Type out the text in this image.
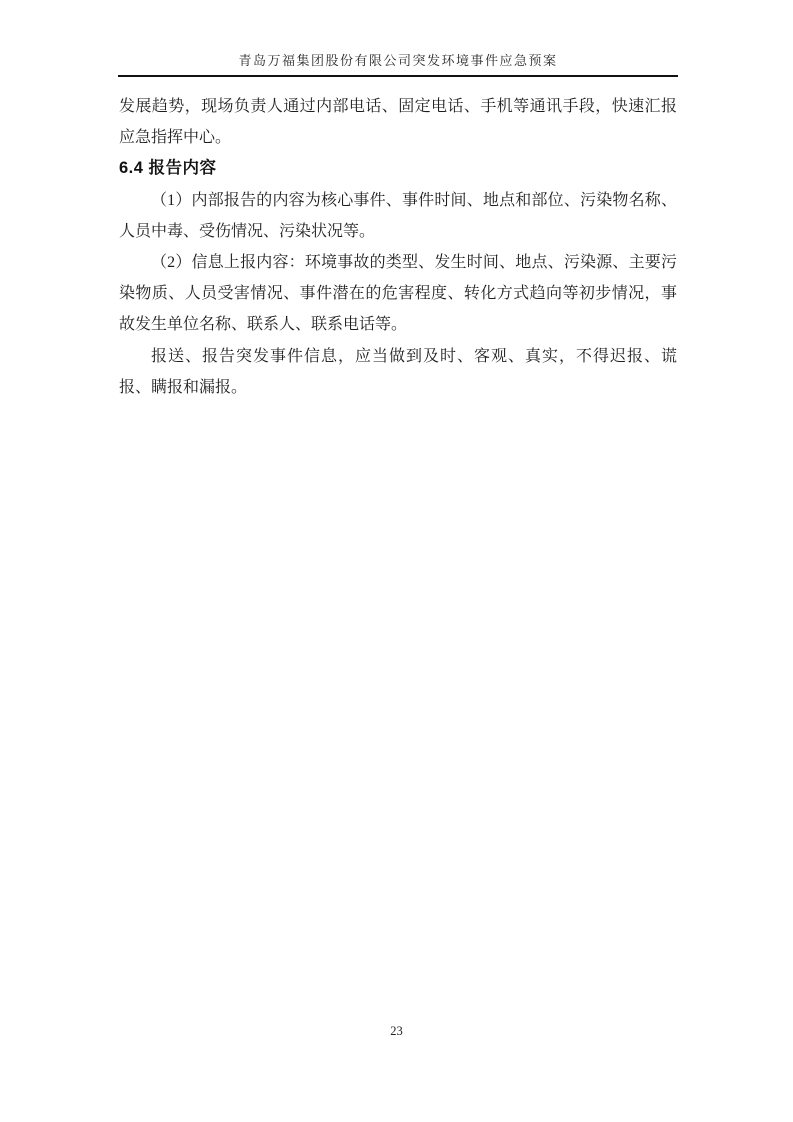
青岛万福集团股份有限公司突发环境事件应急预案

发展趋势，现场负责人通过内部电话、固定电话、手机等通讯手段，快速汇报应急指挥中心。

6.4 报告内容

（1）内部报告的内容为核心事件、事件时间、地点和部位、污染物名称、人员中毒、受伤情况、污染状况等。

（2）信息上报内容：环境事故的类型、发生时间、地点、污染源、主要污染物质、人员受害情况、事件潜在的危害程度、转化方式趋向等初步情况，事故发生单位名称、联系人、联系电话等。

报送、报告突发事件信息，应当做到及时、客观、真实，不得迟报、谎报、瞒报和漏报。

23
